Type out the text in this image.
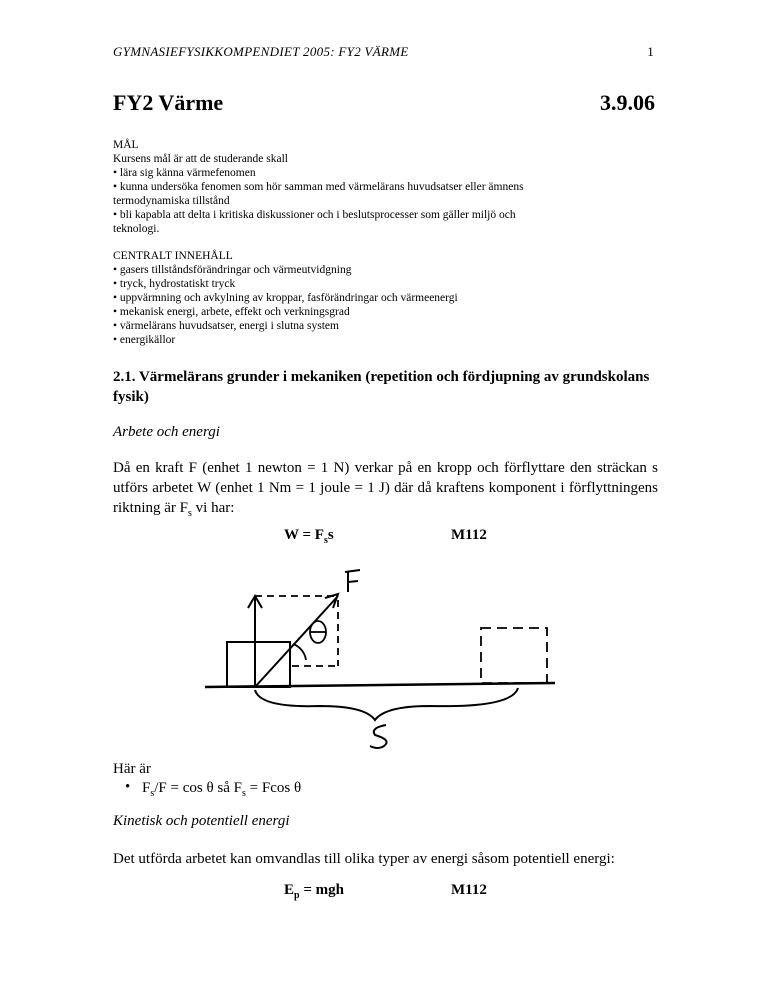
GYMNASIEFYSIKKOMPENDIET 2005: FY2 VÄRME	1
FY2 Värme	3.9.06
MÅL
Kursens mål är att de studerande skall
• lära sig känna värmefenomen
• kunna undersöka fenomen som hör samman med värmelärans huvudsatser eller ämnens
termodynamiska tillstånd
• bli kapabla att delta i kritiska diskussioner och i beslutsprocesser som gäller miljö och
teknologi.
CENTRALT INNEHÅLL
• gasers tillståndsförändringar och värmeutvidgning
• tryck, hydrostatiskt tryck
• uppvärmning och avkylning av kroppar, fasförändringar och värmeenergi
• mekanisk energi, arbete, effekt och verkningsgrad
• värmelärans huvudsatser, energi i slutna system
• energikällor
2.1. Värmelärans grunder i mekaniken (repetition och fördjupning av grundskolans fysik)
Arbete och energi
Då en kraft F (enhet 1 newton = 1 N) verkar på en kropp och förflyttare den sträckan s utförs arbetet W (enhet 1 Nm = 1 joule = 1 J) där då kraftens komponent i förflyttningens riktning är $F_s$ vi har:
$W = F_ss$	M112
Här är
• $F_s/F = \cos \theta$ så $F_s = Fcos$ θ
Kinetisk och potentiell energi
Det utförda arbetet kan omvandlas till olika typer av energi såsom potentiell energi:
$E_p$ = mgh	M112
